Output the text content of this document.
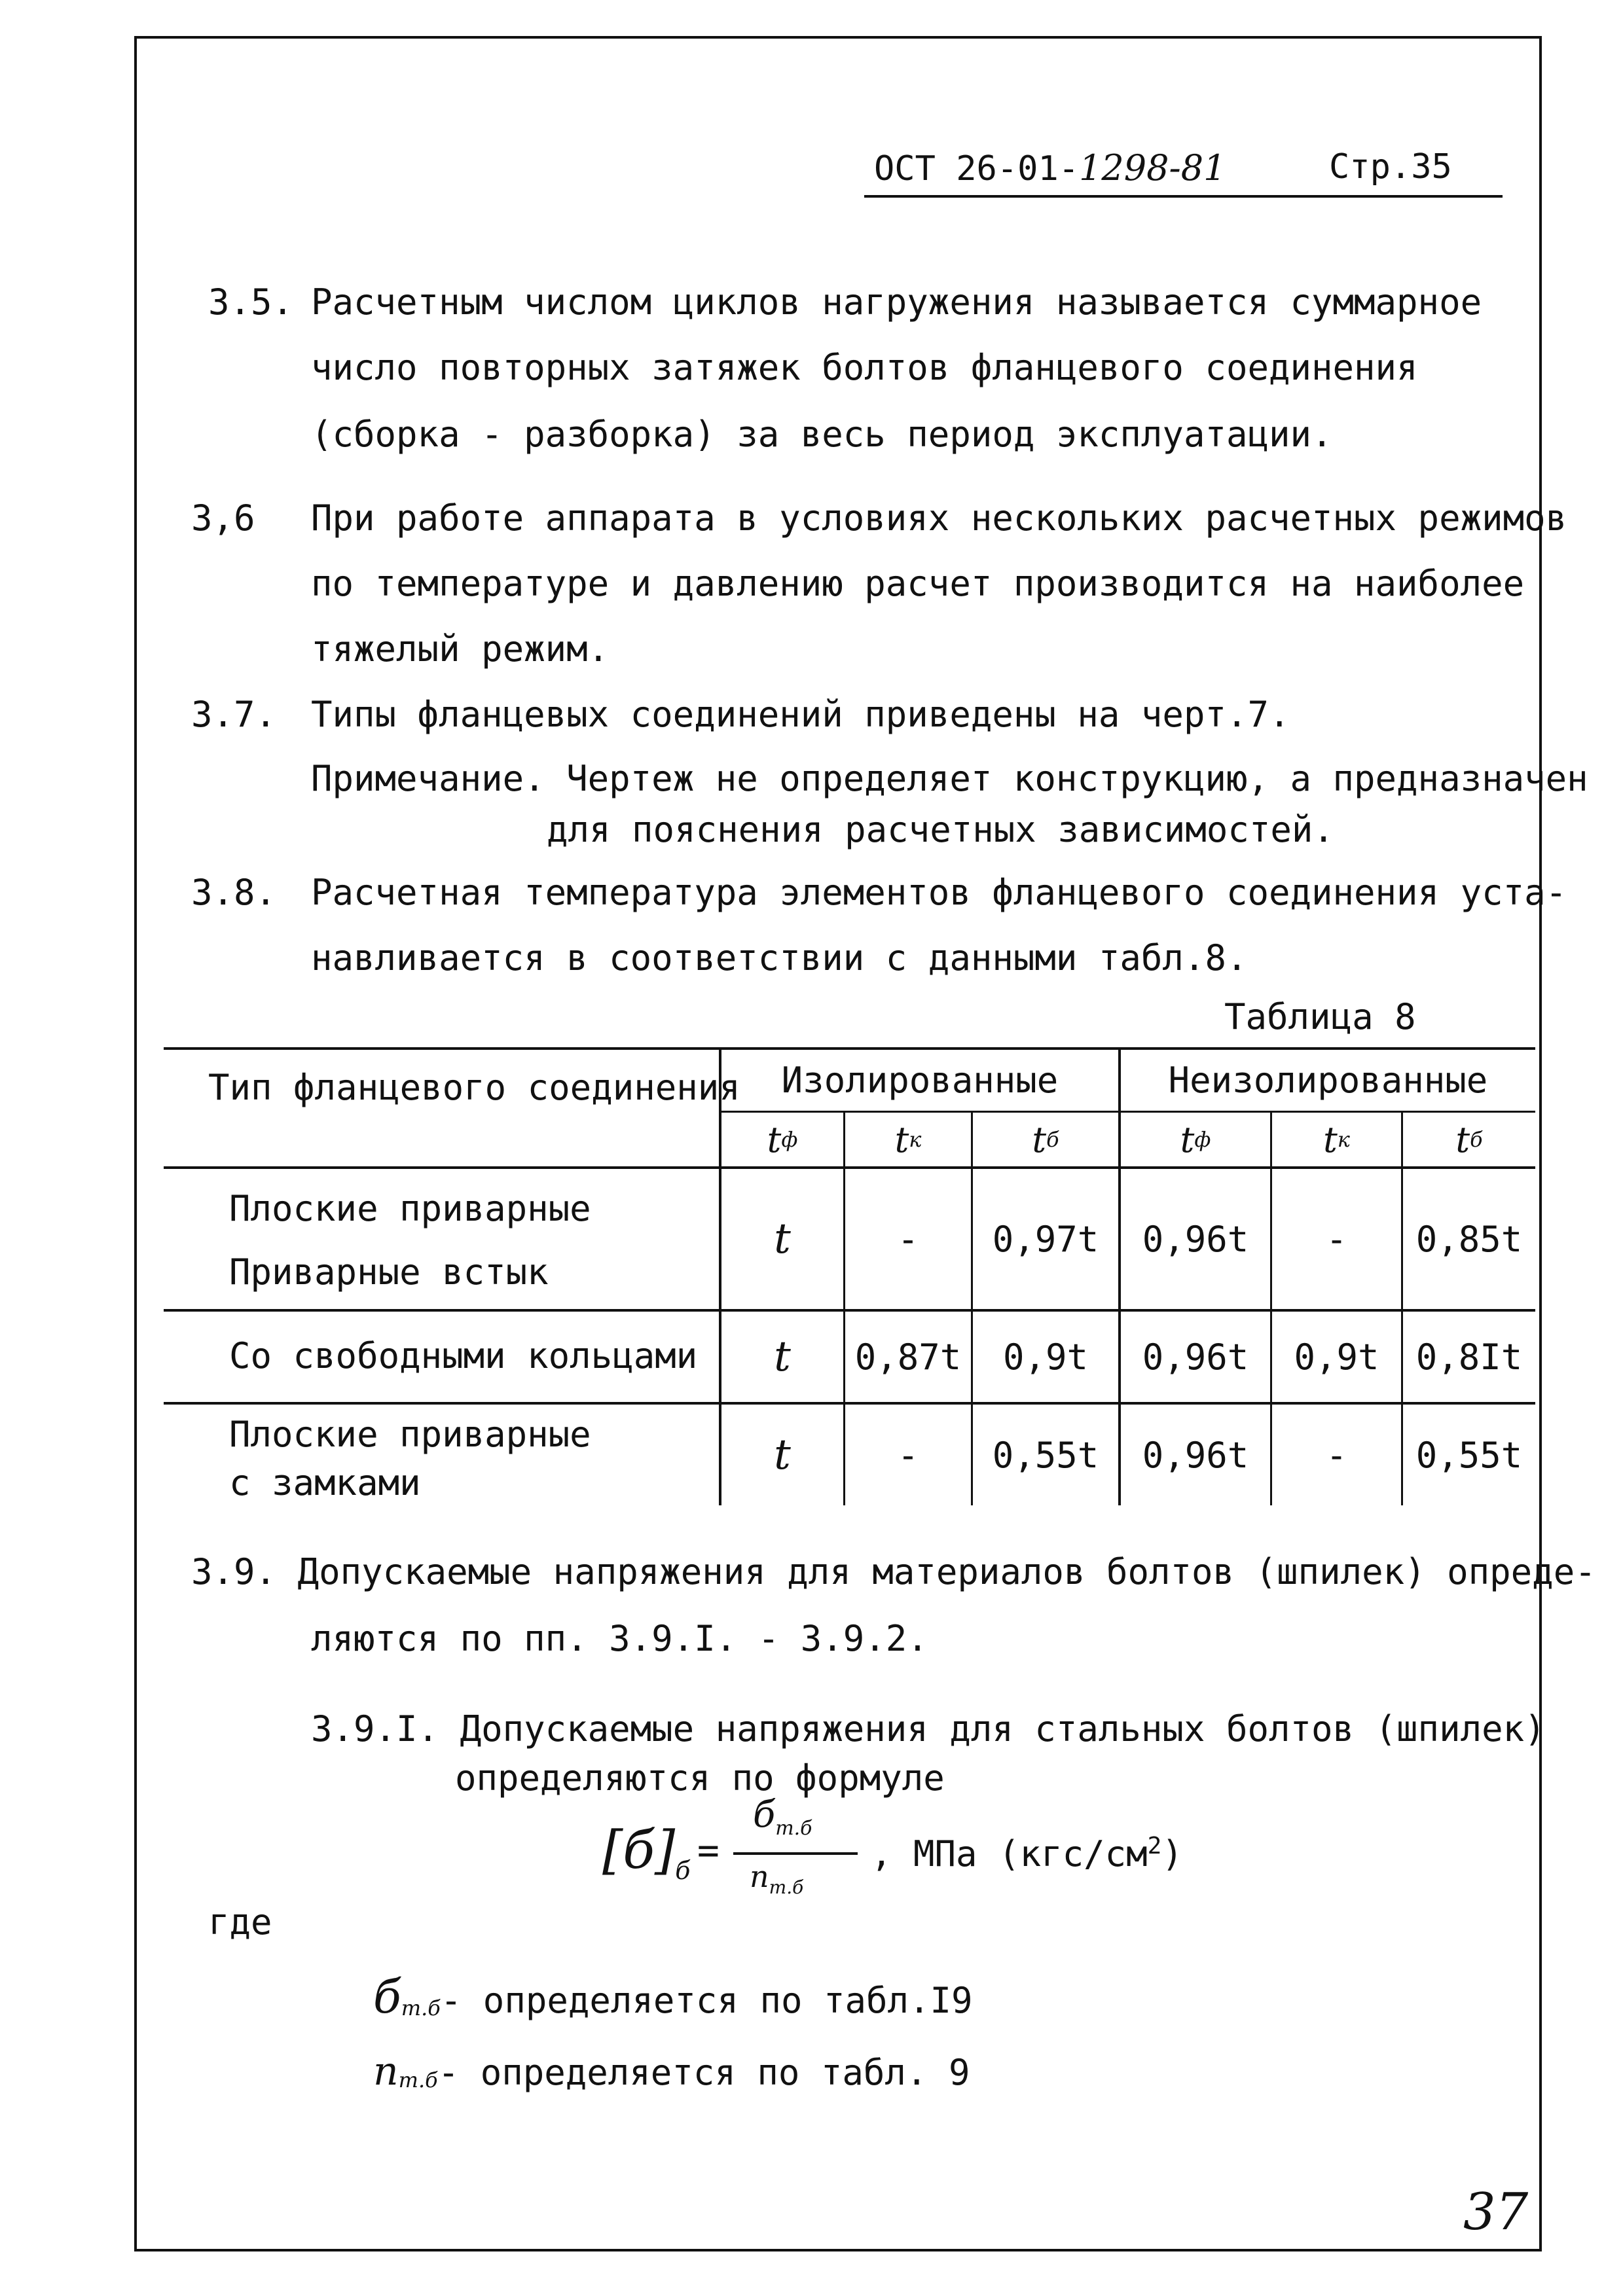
ОСТ 26-01-1298-81	Стр.35
3.5. Расчетным числом циклов нагружения называется суммарное
число повторных затяжек болтов фланцевого соединения
(сборка - разборка) за весь период эксплуатации.
3,6 При работе аппарата в условиях нескольких расчетных режимов
по температуре и давлению расчет производится на наиболее
тяжелый режим.
3.7. Типы фланцевых соединений приведены на черт.7.
Примечание. Чертеж не определяет конструкцию, а предназначен
для пояснения расчетных зависимостей.
3.8. Расчетная температура элементов фланцевого соединения уста-
навливается в соответствии с данными табл.8.
Таблица 8
Тип фланцевого соединения	Изолированные	Неизолированные
t ф	t к	t б	t ф	t к	t б
Плоские приварные
Приварные встык
t	-	0,97t	0,96t	-	0,85t
Со свободными кольцами	t	0,87t	0,9t	0,96t	0,9t	0,8It
Плоские приварные
с замками
t	-	0,55t	0,96t	-	0,55t
3.9. Допускаемые напряжения для материалов болтов (шпилек) опреде-
ляются по пп. 3.9.I. - 3.9.2.
3.9.I. Допускаемые напряжения для стальных болтов (шпилек)
определяются по формуле
$[б]_б$ =
$б_{т.б}$
$n_{т.б}$
, МПа $(кгс/см^2)$
где
$б_{т.б}-$ определяется по табл.I9
$n_{т.б}-$ определяется по табл. 9
37
